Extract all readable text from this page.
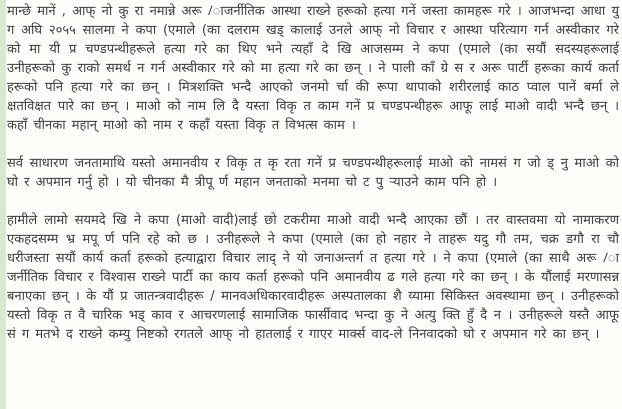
मान्छे मानें , आफ् नो कु रा नमान्ने अरू /ाजर्नीतिक आस्था राख्ने हरूको हत्या गनें जस्ता कामहरू गरे । आजभन्दा आधा यु ग अघि २०५५ सालमा ने कपा (एमाले (का दलराम खड् कालाई उनले आफ् नो विचार र आस्था परित्याग गर्न अस्वीकार गरे को मा यी प्र चण्डपन्थीहरूले हत्या गरे का थिए भने त्यहाँ दे खि आजसम्म ने कपा (एमाले (का सयौं सदस्यहरूलाई उनीहरूको कु राको समर्थ न गर्न अस्वीकार गरे को मा हत्या गरे का छन् । ने पाली काँ ग्रे स र अरू पार्टी हरूका कार्य कर्ता हरूको पनि हत्या गरे का छन् । मित्रशक्ति भन्दै आएको जनमो र्चा की रूपा थापाको शरीरलाई काठ प्वाल पानें बर्मा ले क्षतविक्षत पारे का छन् । माओ को नाम लि दै यस्ता विकृ त काम गनें प्र चण्डपन्थीहरू आफू लाई माओ वादी भन्दै छन् । कहाँ चीनका महान् माओ को नाम र कहाँ यस्ता विकृ त विभत्स काम ।

सर्व साधारण जनतामाथि यस्तो अमानवीय र विकृ त कृ रता गनें प्र चण्डपन्थीहरूलाई माओ को नामसं ग जो ड् नु माओ को घो र अपमान गर्नु हो । यो चीनका मै त्रीपू र्ण महान जनताको मनमा चो ट पु ऱ्याउने काम पनि हो ।

हामीले लामो सयमदे खि ने कपा (माओ वादी)लाई छो टकरीमा माओ वादी भन्दै आएका छौं । तर वास्तवमा यो नामाकरण एकहदसम्म भ्र मपू र्ण पनि रहे को छ । उनीहरूले ने कपा (एमाले (का हो नहार ने ताहरू यदु गौ तम, चक्र डगौ रा चौ धरीजस्ता सयौं कार्य कर्ता हरूको हत्याद्वारा विचार लाद् ने यो जनाअन्तर्ग त हत्या गरे । ने कपा (एमाले (का साथै अरू /ाजर्नीतिक विचार र विश्वास राख्ने पार्टी का काय कर्ता हरूको पनि अमानवीय ढ गले हत्या गरे का छन् । के यौंलाई मरणासन्न बनाएका छन् । के यौं प्र जातन्त्रवादीहरू / मानवअधिकारवादीहरू अस्पतालका शै य्यामा सिकिस्त अवस्थामा छन् । उनीहरूको यस्तो विकृ त वै चारिक भड् काव र आचरणलाई सामाजिक फार्सीवाद भन्दा कु ने अत्यु क्ति हुँ दै न । उनीहरूले यस्तै आफू सं ग मतभे द राख्ने कम्यु निष्टको रगतले आफ् नो हातलाई र गाएर मार्क्स वाद-ले निनवादको घो र अपमान गरे का छन् ।
